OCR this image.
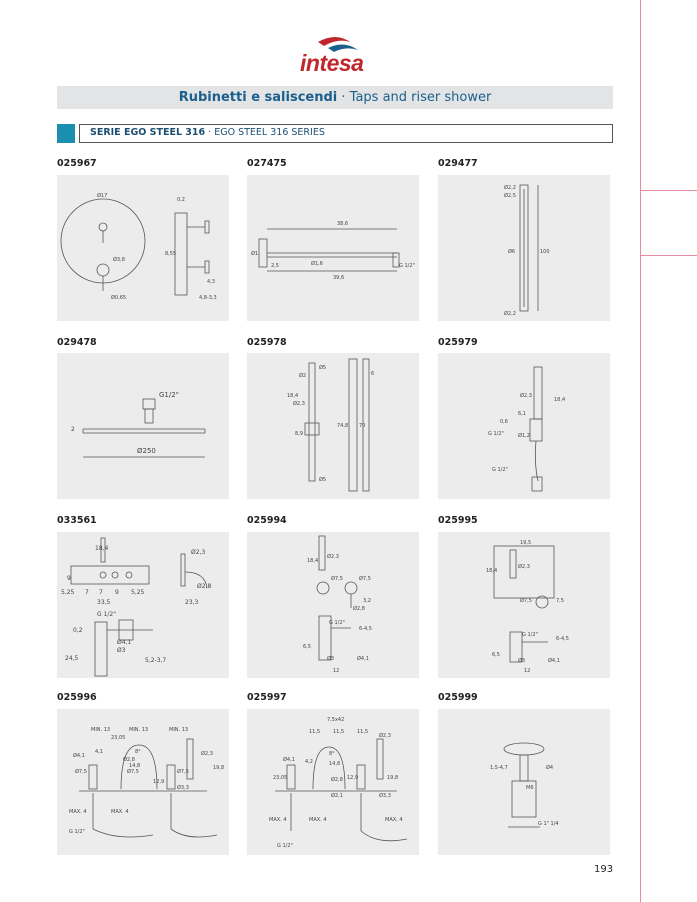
intesa
Rubinetti e saliscendi · Taps and riser shower
SERIE EGO STEEL 316 · EGO STEEL 316 SERIES
025967	027475	029477
029478	025978	025979
033561	025994	025995
025996	025997	025999
Ø17
0,2
Ø3,8
8,55
4,3
4,8-3,3
Ø0,65
38,6
Ø1
Ø1,6
39,6
G 1/2"
2,5
Ø2,2
Ø2,5
Ø6	100
Ø2,2
G1/2"
2
Ø250
Ø2
Ø5
Ø2,3
18,4
8,9
74,8
6
70
Ø5
Ø2,3
18,4
6,1
0,6
Ø1,2
G 1/2"
G 1/2"
18,4
9
5,25 7 7 9 5,25
33,5
Ø2,3
Ø2,8
23,3
G 1/2"
0,2
Ø4,1
Ø3
24,5	5,2-3,7
Ø2,3
18,4
Ø7,5	Ø7,5
Ø2,8
3,2
G 1/2"
6-4,5
6,5
Ø3	Ø4,1
12
19,5
Ø2,3
18,4
Ø7,5	7,5
G 1/2"
6-4,5
6,5
Ø3	Ø4,1
12
MIN. 13	MIN. 13	MIN. 13
Ø4,1
4,1
Ø2,8
14,8
8°	Ø2,3
Ø7,5	Ø7,5	Ø7,5
Ø3,3
19,8
MAX. 4	MAX. 4
G 1/2"
23,05
12,9
7,5x42
11,5	11,5	11,5
Ø2,3
Ø4,1 4,2
8°
14,8
Ø2,8
23,05	12,9	19,8
Ø3,3
Ø2,1
MAX. 4	MAX. 4	MAX. 4
G 1/2"
Ø4
1,5-4,7
M6
G 1" 1/4
193
